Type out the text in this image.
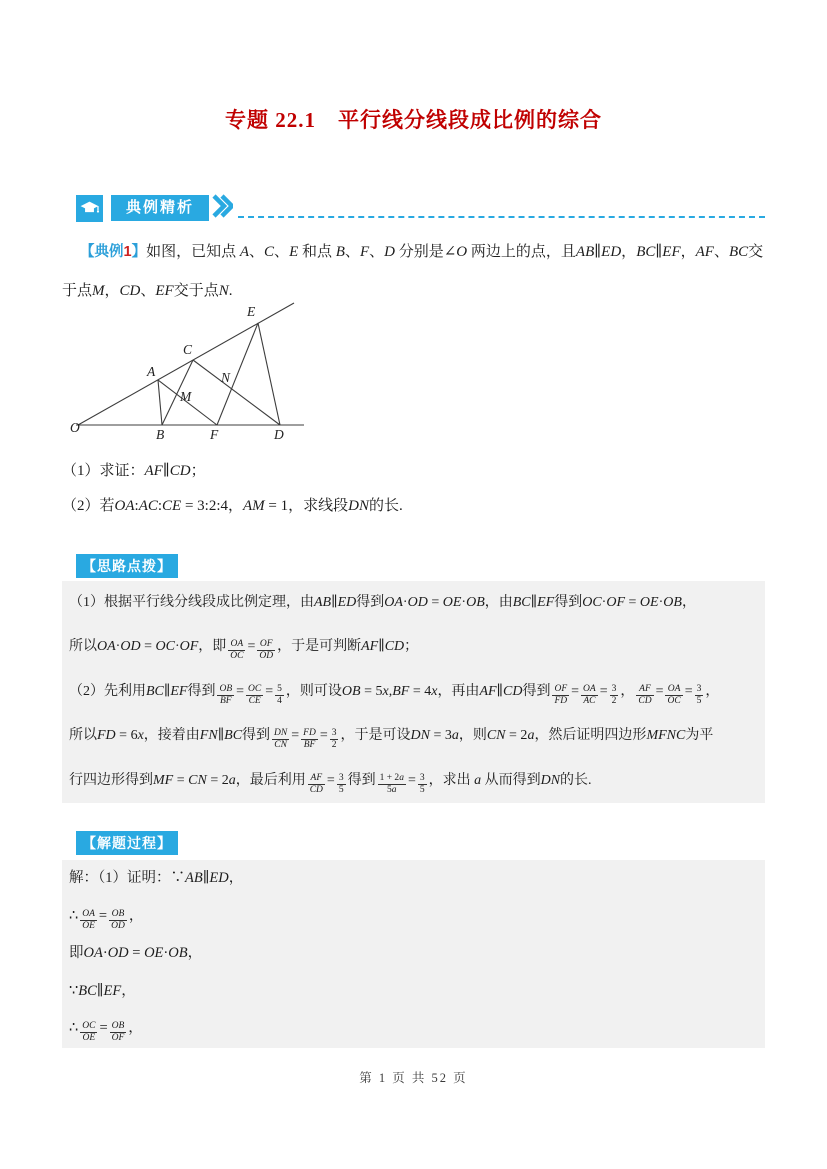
专题 22.1　平行线分线段成比例的综合
典例精析
【典例1】如图，已知点 A、C、E 和点 B、F、D 分别是∠O 两边上的点，且AB∥ED，BC∥EF，AF、BC交
于点M，CD、EF交于点N.
O
A
B
C
D
E
F
M
N
（1）求证：AF∥CD；
（2）若OA:AC:CE = 3:2:4，AM = 1，求线段DN的长.
【思路点拨】
（1）根据平行线分线段成比例定理，由AB∥ED得到OA·OD = OE·OB，由BC∥EF得到OC·OF = OE·OB，
所以OA·OD = OC·OF，即 $\frac{OA}{OC} = \frac{OF}{OD}$ ，于是可判断AF∥CD；
（2）先利用BC∥EF得到 $\frac{OB}{BF} = \frac{OC}{CE} = \frac{5}{4}$ ，则可设OB = 5x,BF = 4x，再由AF∥CD得到 $\frac{OF}{FD} = \frac{OA}{AC} = \frac{3}{2}$ ， $\frac{AF}{CD} = \frac{OA}{OC} = \frac{3}{5}$ ，
所以FD = 6x，接着由FN∥BC得到 $\frac{DN}{CN} = \frac{FD}{BF} = \frac{3}{2}$ ，于是可设DN = 3a，则CN = 2a，然后证明四边形MFNC为平
行四边形得到MF = CN = 2a，最后利用 $\frac{AF}{CD} = \frac{3}{5}$ 得到 $\frac{1 + 2a}{5a} = \frac{3}{5}$ ，求出 a 从而得到DN的长.
【解题过程】
解：（1）证明：∵AB∥ED，
∴ $\frac{OA}{OE} = \frac{OB}{OD}$ ，
即OA·OD = OE·OB，
∵BC∥EF，
∴ $\frac{OC}{OE} = \frac{OB}{OF}$ ，
第 1 页 共 52 页
